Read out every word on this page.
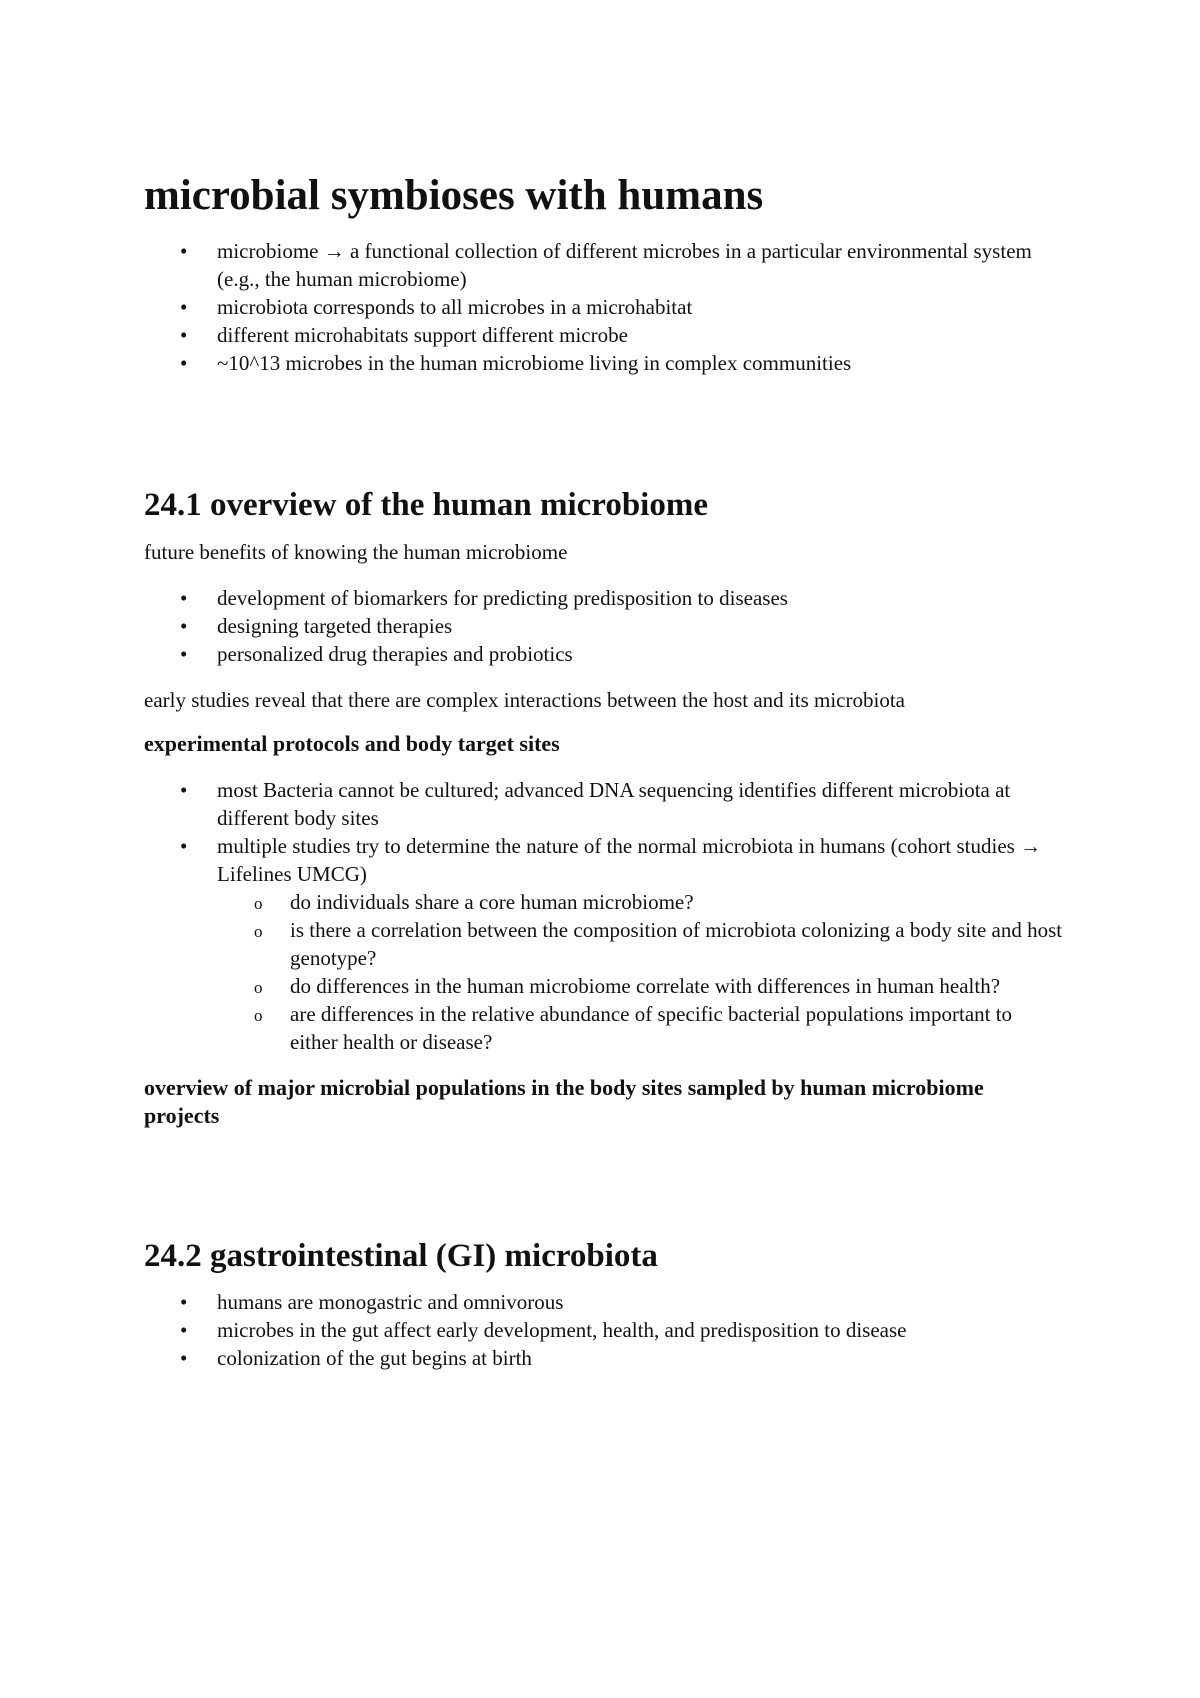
microbial symbioses with humans
• microbiome → a functional collection of different microbes in a particular environmental system (e.g., the human microbiome)
• microbiota corresponds to all microbes in a microhabitat
• different microhabitats support different microbe
• ~10^13 microbes in the human microbiome living in complex communities
24.1 overview of the human microbiome

future benefits of knowing the human microbiome

• development of biomarkers for predicting predisposition to diseases
• designing targeted therapies
• personalized drug therapies and probiotics

early studies reveal that there are complex interactions between the host and its microbiota

experimental protocols and body target sites
• most Bacteria cannot be cultured; advanced DNA sequencing identifies different microbiota at different body sites
• multiple studies try to determine the nature of the normal microbiota in humans (cohort studies → Lifelines UMCG)
o do individuals share a core human microbiome?
o is there a correlation between the composition of microbiota colonizing a body site and host genotype?
o do differences in the human microbiome correlate with differences in human health?
o are differences in the relative abundance of specific bacterial populations important to either health or disease?
overview of major microbial populations in the body sites sampled by human microbiome projects
24.2 gastrointestinal (GI) microbiota
• humans are monogastric and omnivorous
• microbes in the gut affect early development, health, and predisposition to disease
• colonization of the gut begins at birth
